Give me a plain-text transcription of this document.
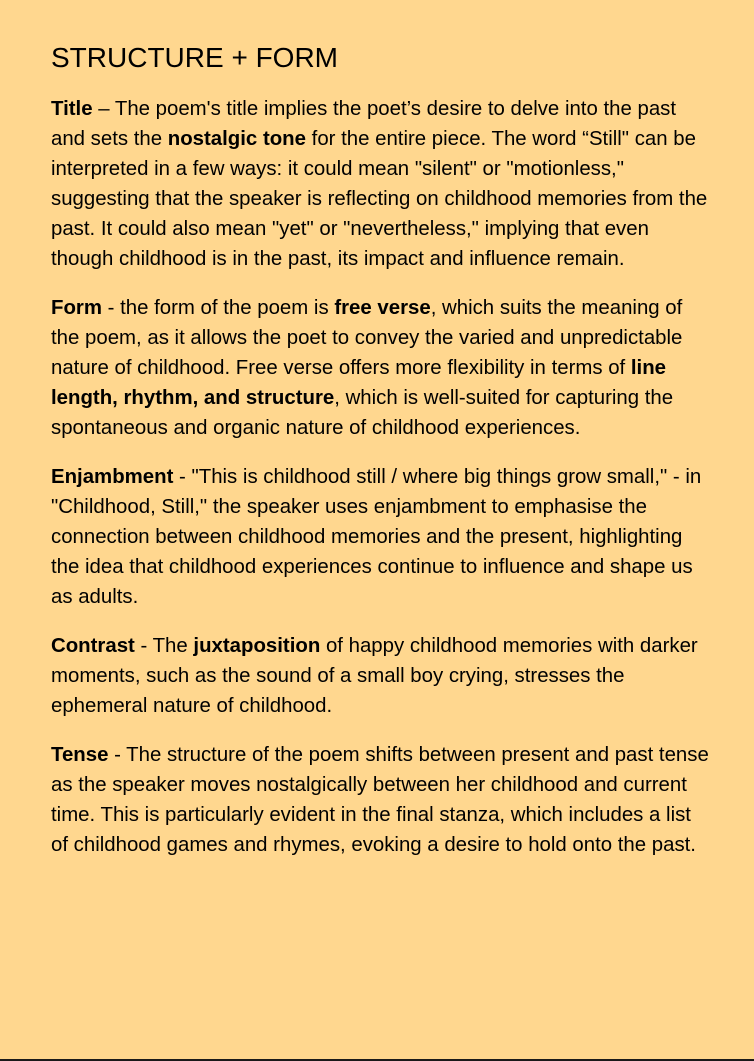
STRUCTURE + FORM

Title – The poem's title implies the poet’s desire to delve into the past and sets the nostalgic tone for the entire piece. The word “Still" can be interpreted in a few ways: it could mean "silent" or "motionless," suggesting that the speaker is reflecting on childhood memories from the past. It could also mean "yet" or "nevertheless," implying that even though childhood is in the past, its impact and influence remain.

Form - the form of the poem is free verse, which suits the meaning of the poem, as it allows the poet to convey the varied and unpredictable nature of childhood. Free verse offers more flexibility in terms of line length, rhythm, and structure, which is well-suited for capturing the spontaneous and organic nature of childhood experiences.

Enjambment - "This is childhood still / where big things grow small," - in "Childhood, Still," the speaker uses enjambment to emphasise the connection between childhood memories and the present, highlighting the idea that childhood experiences continue to influence and shape us as adults.

Contrast - The juxtaposition of happy childhood memories with darker moments, such as the sound of a small boy crying, stresses the ephemeral nature of childhood.

Tense - The structure of the poem shifts between present and past tense as the speaker moves nostalgically between her childhood and current time. This is particularly evident in the final stanza, which includes a list of childhood games and rhymes, evoking a desire to hold onto the past.
